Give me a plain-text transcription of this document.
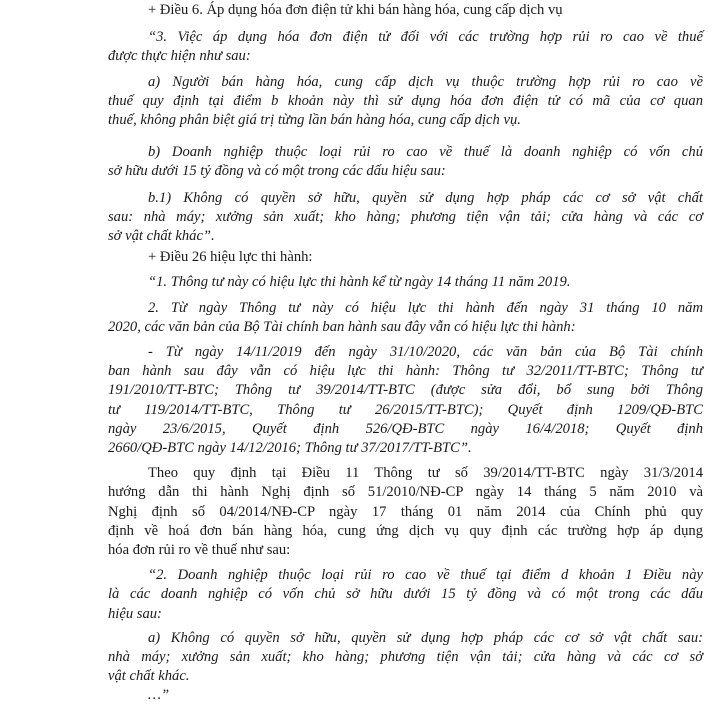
+ Điều 6. Áp dụng hóa đơn điện tử khi bán hàng hóa, cung cấp dịch vụ

“3. Việc áp dụng hóa đơn điện tử đối với các trường hợp rủi ro cao về thuế

được thực hiện như sau:

a) Người bán hàng hóa, cung cấp dịch vụ thuộc trường hợp rủi ro cao về

thuế quy định tại điểm b khoản này thì sử dụng hóa đơn điện tử có mã của cơ quan

thuế, không phân biệt giá trị từng lần bán hàng hóa, cung cấp dịch vụ.

b) Doanh nghiệp thuộc loại rủi ro cao về thuế là doanh nghiệp có vốn chủ

sở hữu dưới 15 tỷ đồng và có một trong các dấu hiệu sau:

b.1) Không có quyền sở hữu, quyền sử dụng hợp pháp các cơ sở vật chất

sau: nhà máy; xưởng sản xuất; kho hàng; phương tiện vận tải; cửa hàng và các cơ

sở vật chất khác”.

+ Điều 26 hiệu lực thi hành:

“1. Thông tư này có hiệu lực thi hành kể từ ngày 14 tháng 11 năm 2019.

2. Từ ngày Thông tư này có hiệu lực thi hành đến ngày 31 tháng 10 năm

2020, các văn bản của Bộ Tài chính ban hành sau đây vẫn có hiệu lực thi hành:

- Từ ngày 14/11/2019 đến ngày 31/10/2020, các văn bản của Bộ Tài chính

ban hành sau đây vẫn có hiệu lực thi hành: Thông tư 32/2011/TT-BTC; Thông tư

191/2010/TT-BTC; Thông tư 39/2014/TT-BTC (được sửa đổi, bổ sung bởi Thông

tư 119/2014/TT-BTC, Thông tư 26/2015/TT-BTC); Quyết định 1209/QĐ-BTC

ngày 23/6/2015, Quyết định 526/QĐ-BTC ngày 16/4/2018; Quyết định

2660/QĐ-BTC ngày 14/12/2016; Thông tư 37/2017/TT-BTC”.

Theo quy định tại Điều 11 Thông tư số 39/2014/TT-BTC ngày 31/3/2014

hướng dẫn thi hành Nghị định số 51/2010/NĐ-CP ngày 14 tháng 5 năm 2010 và

Nghị định số 04/2014/NĐ-CP ngày 17 tháng 01 năm 2014 của Chính phủ quy

định về hoá đơn bán hàng hóa, cung ứng dịch vụ quy định các trường hợp áp dụng

hóa đơn rủi ro về thuế như sau:

“2. Doanh nghiệp thuộc loại rủi ro cao về thuế tại điểm d khoản 1 Điều này

là các doanh nghiệp có vốn chủ sở hữu dưới 15 tỷ đồng và có một trong các dấu

hiệu sau:

a) Không có quyền sở hữu, quyền sử dụng hợp pháp các cơ sở vật chất sau:

nhà máy; xưởng sản xuất; kho hàng; phương tiện vận tải; cửa hàng và các cơ sở

vật chất khác.

…”
